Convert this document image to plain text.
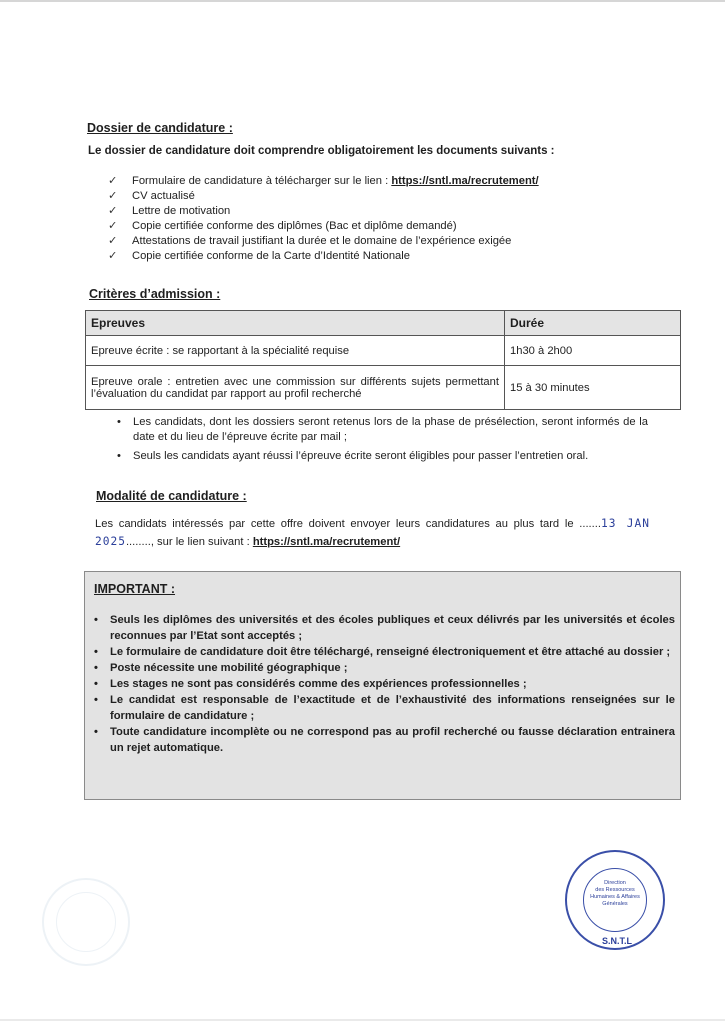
Dossier de candidature :
Le dossier de candidature doit comprendre obligatoirement les documents suivants :
✓ Formulaire de candidature à télécharger sur le lien : https://sntl.ma/recrutement/
✓ CV actualisé
✓ Lettre de motivation
✓ Copie certifiée conforme des diplômes (Bac et diplôme demandé)
✓ Attestations de travail justifiant la durée et le domaine de l’expérience exigée
✓ Copie certifiée conforme de la Carte d’Identité Nationale
Critères d’admission :
Epreuves	Durée
Epreuve écrite : se rapportant à la spécialité requise	1h30 à 2h00
Epreuve orale : entretien avec une commission sur différents sujets permettant l’évaluation du candidat par rapport au profil recherché	15 à 30 minutes
• Les candidats, dont les dossiers seront retenus lors de la phase de présélection, seront informés de la date et du lieu de l’épreuve écrite par mail ;
• Seuls les candidats ayant réussi l’épreuve écrite seront éligibles pour passer l’entretien oral.
Modalité de candidature :
Les candidats intéressés par cette offre doivent envoyer leurs candidatures au plus tard le .......13 JAN 2025........, sur le lien suivant : https://sntl.ma/recrutement/
IMPORTANT :
• Seuls les diplômes des universités et des écoles publiques et ceux délivrés par les universités et écoles reconnues par l’Etat sont acceptés ;
• Le formulaire de candidature doit être téléchargé, renseigné électroniquement et être attaché au dossier ;
• Poste nécessite une mobilité géographique ;
• Les stages ne sont pas considérés comme des expériences professionnelles ;
• Le candidat est responsable de l’exactitude et de l’exhaustivité des informations renseignées sur le formulaire de candidature ;
• Toute candidature incomplète ou ne correspond pas au profil recherché ou fausse déclaration entrainera un rejet automatique.
Direction
des Ressources
Humaines & Affaires
Générales
S.N.T.L
